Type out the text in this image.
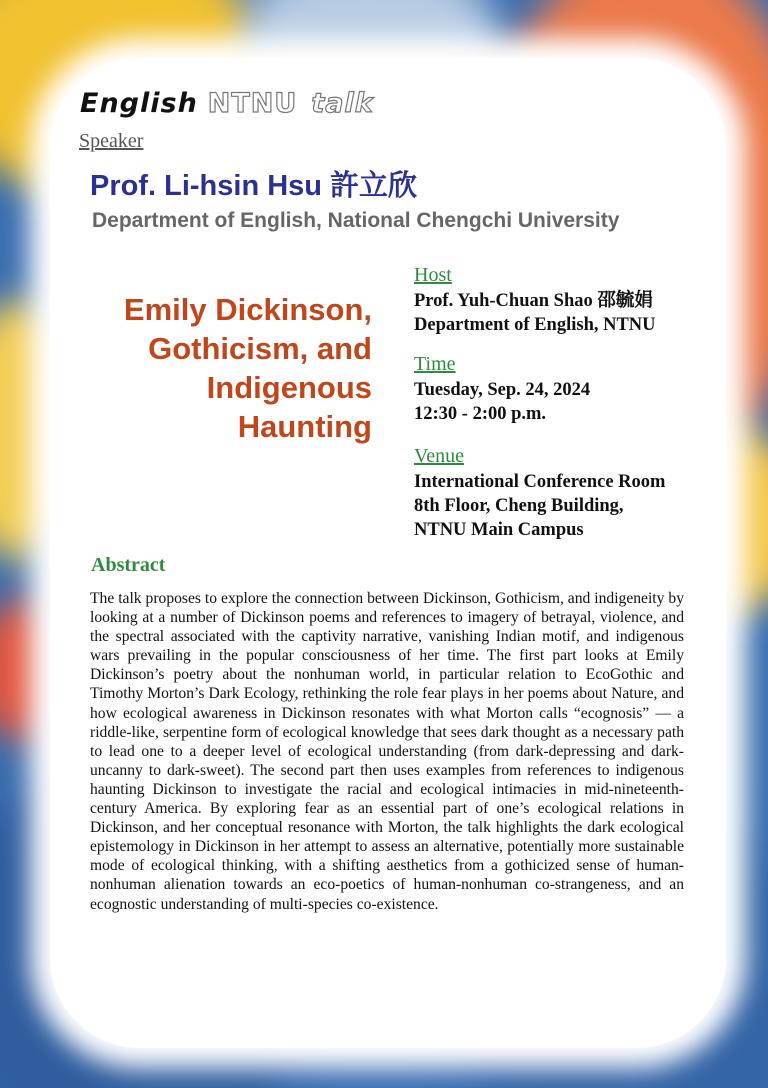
English NTNU talk
Speaker
Prof. Li-hsin Hsu 許立欣
Department of English, National Chengchi University
Emily Dickinson,
Gothicism, and
Indigenous
Haunting
Host
Prof. Yuh-Chuan Shao 邵毓娟
Department of English, NTNU
Time
Tuesday, Sep. 24, 2024
12:30 - 2:00 p.m.
Venue
International Conference Room
8th Floor, Cheng Building,
NTNU Main Campus
Abstract
The talk proposes to explore the connection between Dickinson, Gothicism, and indigeneity by looking at a number of Dickinson poems and references to imagery of betrayal, violence, and the spectral associated with the captivity narrative, vanishing Indian motif, and indigenous wars prevailing in the popular consciousness of her time. The first part looks at Emily Dickinson’s poetry about the nonhuman world, in particular relation to EcoGothic and Timothy Morton’s Dark Ecology, rethinking the role fear plays in her poems about Nature, and how ecological awareness in Dickinson resonates with what Morton calls “ecognosis” — a riddle-like, serpentine form of ecological knowledge that sees dark thought as a necessary path to lead one to a deeper level of ecological understanding (from dark-depressing and dark-uncanny to dark-sweet). The second part then uses examples from references to indigenous haunting Dickinson to investigate the racial and ecological intimacies in mid-nineteenth-century America. By exploring fear as an essential part of one’s ecological relations in Dickinson, and her conceptual resonance with Morton, the talk highlights the dark ecological epistemology in Dickinson in her attempt to assess an alternative, potentially more sustainable mode of ecological thinking, with a shifting aesthetics from a gothicized sense of human-nonhuman alienation towards an eco-poetics of human-nonhuman co-strangeness, and an ecognostic understanding of multi-species co-existence.
